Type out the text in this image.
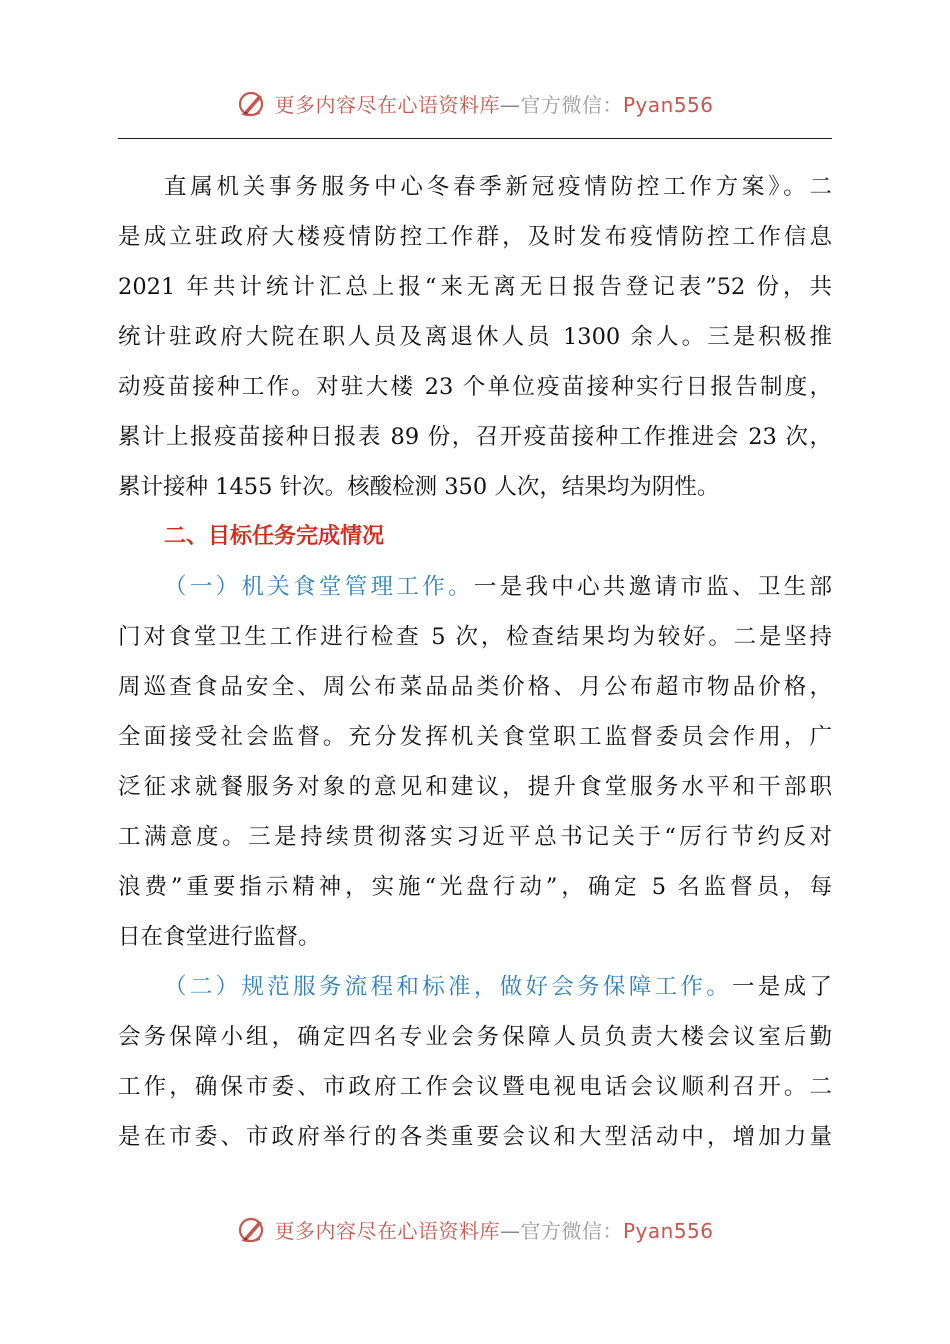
更多内容尽在心语资料库—官方微信：Pyan556
直属机关事务服务中心冬春季新冠疫情防控工作方案》。二
是成立驻政府大楼疫情防控工作群，及时发布疫情防控工作信息
2021 年共计统计汇总上报“来无离无日报告登记表”52 份，共
统计驻政府大院在职人员及离退休人员 1300 余人。三是积极推
动疫苗接种工作。对驻大楼 23 个单位疫苗接种实行日报告制度，
累计上报疫苗接种日报表 89 份，召开疫苗接种工作推进会 23 次，
累计接种 1455 针次。核酸检测 350 人次，结果均为阴性。
二、目标任务完成情况
（一）机关食堂管理工作。一是我中心共邀请市监、卫生部
门对食堂卫生工作进行检查 5 次，检查结果均为较好。二是坚持
周巡查食品安全、周公布菜品品类价格、月公布超市物品价格，
全面接受社会监督。充分发挥机关食堂职工监督委员会作用，广
泛征求就餐服务对象的意见和建议，提升食堂服务水平和干部职
工满意度。三是持续贯彻落实习近平总书记关于“厉行节约反对
浪费”重要指示精神，实施“光盘行动”，确定 5 名监督员，每
日在食堂进行监督。
（二）规范服务流程和标准，做好会务保障工作。一是成了
会务保障小组，确定四名专业会务保障人员负责大楼会议室后勤
工作，确保市委、市政府工作会议暨电视电话会议顺利召开。二
是在市委、市政府举行的各类重要会议和大型活动中，增加力量
更多内容尽在心语资料库—官方微信：Pyan556
